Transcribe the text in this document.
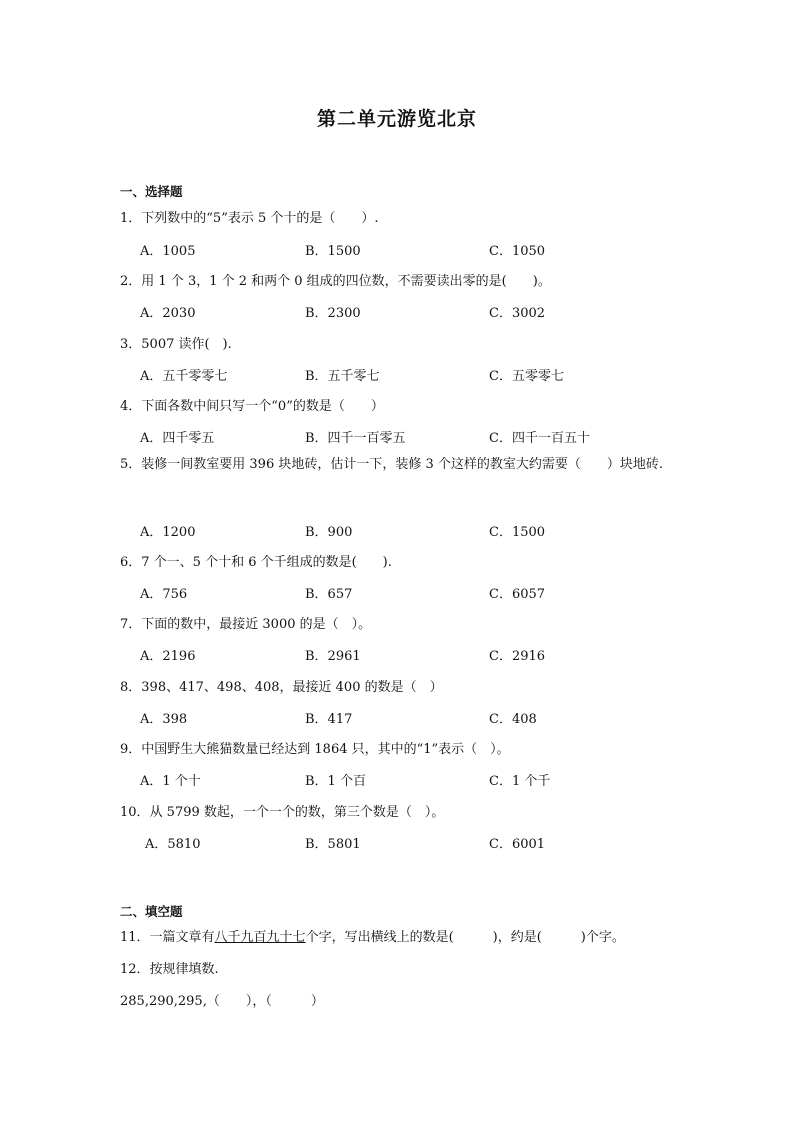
第二单元游览北京
一、选择题
1．下列数中的“5”表示 5 个十的是（　　）.
A．1005	B．1500	C．1050
2．用 1 个 3，1 个 2 和两个 0 组成的四位数，不需要读出零的是(　　)。
A．2030	B．2300	C．3002
3．5007 读作(　).
A．五千零零七	B．五千零七	C．五零零七
4．下面各数中间只写一个“0”的数是（　　）
A．四千零五	B．四千一百零五	C．四千一百五十
5．装修一间教室要用 396 块地砖，估计一下，装修 3 个这样的教室大约需要（　　）块地砖.
A．1200	B．900	C．1500
6．7 个一、5 个十和 6 个千组成的数是(　　).
A．756	B．657	C．6057
7．下面的数中，最接近 3000 的是（　）。
A．2196	B．2961	C．2916
8．398、417、498、408，最接近 400 的数是（　）
A．398	B．417	C．408
9．中国野生大熊猫数量已经达到 1864 只，其中的“1”表示（　）。
A．1 个十	B．1 个百	C．1 个千
10．从 5799 数起，一个一个的数，第三个数是（　）。
A．5810	B．5801	C．6001
二、填空题
11．一篇文章有八千九百九十七个字，写出横线上的数是(　　　)，约是(　　　)个字。
12．按规律填数.
285,290,295,（　　），（　　　）
